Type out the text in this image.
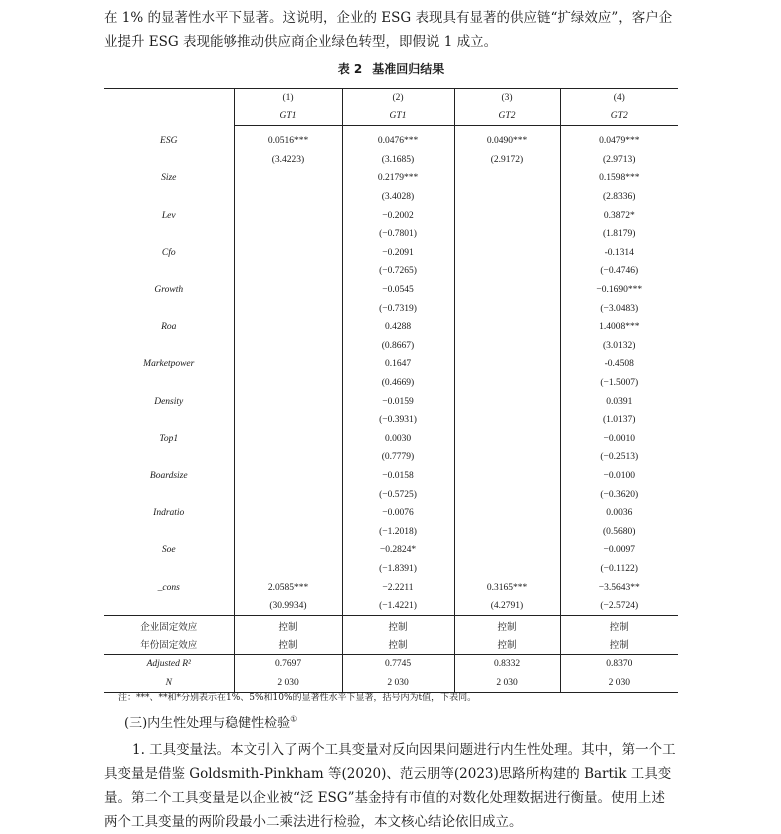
在 1% 的显著性水平下显著。这说明，企业的 ESG 表现具有显著的供应链“扩绿效应”，客户企业提升 ESG 表现能够推动供应商企业绿色转型，即假说 1 成立。

表 2 基准回归结果
	(1)	(2)	(3)	(4)
	GT1	GT1	GT2	GT2
ESG	0.0516***	0.0476***	0.0490***	0.0479***
	(3.4223)	(3.1685)	(2.9172)	(2.9713)
Size		0.2179***		0.1598***
		(3.4028)		(2.8336)
Lev		−0.2002		0.3872*
		(−0.7801)		(1.8179)
Cfo		−0.2091		-0.1314
		(−0.7265)		(−0.4746)
Growth		−0.0545		−0.1690***
		(−0.7319)		(−3.0483)
Roa		0.4288		1.4008***
		(0.8667)		(3.0132)
Marketpower		0.1647		-0.4508
		(0.4669)		(−1.5007)
Density		−0.0159		0.0391
		(−0.3931)		(1.0137)
Top1		0.0030		−0.0010
		(0.7779)		(−0.2513)
Boardsize		−0.0158		−0.0100
		(−0.5725)		(−0.3620)
Indratio		−0.0076		0.0036
		(−1.2018)		(0.5680)
Soe		−0.2824*		−0.0097
		(−1.8391)		(−0.1122)
_cons	2.0585***	−2.2211	0.3165***	−3.5643**
	(30.9934)	(−1.4221)	(4.2791)	(−2.5724)
企业固定效应	控制	控制	控制	控制
年份固定效应	控制	控制	控制	控制
Adjusted R²	0.7697	0.7745	0.8332	0.8370
N	2 030	2 030	2 030	2 030

注：***、**和*分别表示在1%、5%和10%的显著性水平下显著，括号内为t值，下表同。

(三)内生性处理与稳健性检验①

1. 工具变量法。本文引入了两个工具变量对反向因果问题进行内生性处理。其中，第一个工具变量是借鉴 Goldsmith-Pinkham 等(2020)、范云朋等(2023)思路所构建的 Bartik 工具变量。第二个工具变量是以企业被“泛 ESG”基金持有市值的对数化处理数据进行衡量。使用上述两个工具变量的两阶段最小二乘法进行检验，本文核心结论依旧成立。
